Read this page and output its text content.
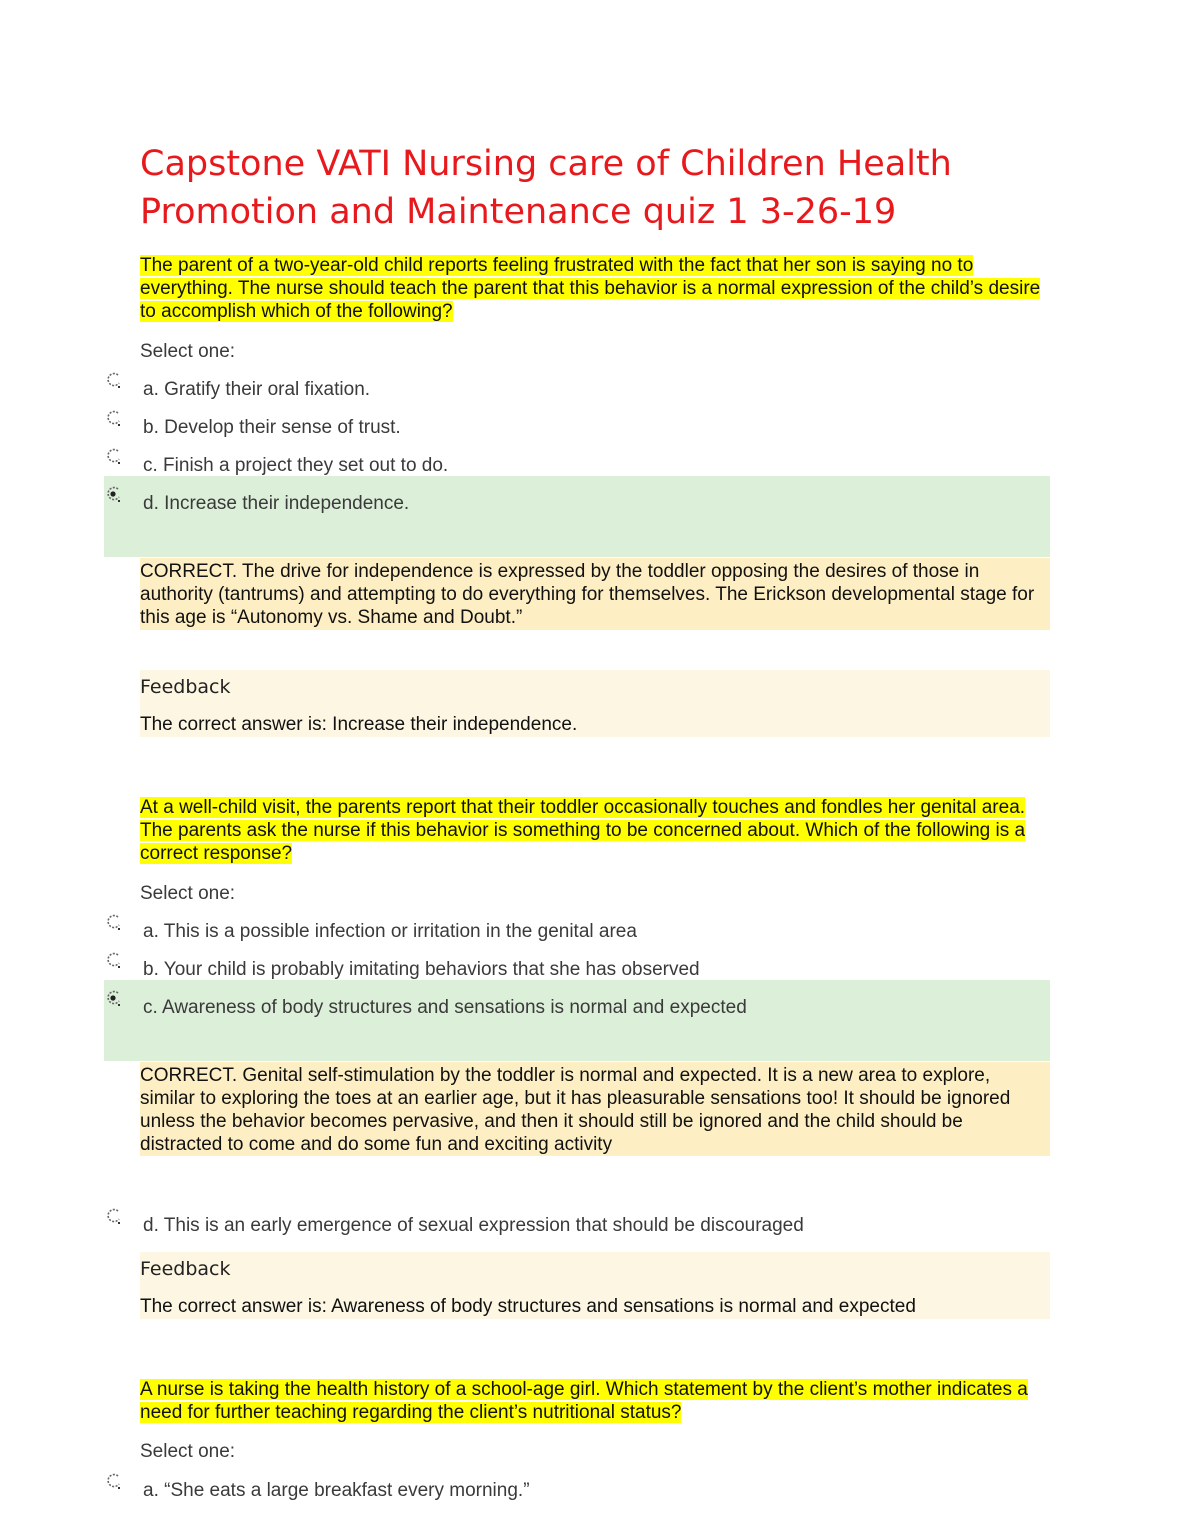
Capstone VATI Nursing care of Children Health Promotion and Maintenance quiz 1 3-26-19
The parent of a two-year-old child reports feeling frustrated with the fact that her son is saying no to everything. The nurse should teach the parent that this behavior is a normal expression of the child’s desire to accomplish which of the following?
Select one:
a. Gratify their oral fixation.
b. Develop their sense of trust.
c. Finish a project they set out to do.
d. Increase their independence.
CORRECT. The drive for independence is expressed by the toddler opposing the desires of those in authority (tantrums) and attempting to do everything for themselves. The Erickson developmental stage for this age is “Autonomy vs. Shame and Doubt.”
Feedback
The correct answer is: Increase their independence.
At a well-child visit, the parents report that their toddler occasionally touches and fondles her genital area. The parents ask the nurse if this behavior is something to be concerned about. Which of the following is a correct response?
Select one:
a. This is a possible infection or irritation in the genital area
b. Your child is probably imitating behaviors that she has observed
c. Awareness of body structures and sensations is normal and expected
CORRECT. Genital self-stimulation by the toddler is normal and expected. It is a new area to explore, similar to exploring the toes at an earlier age, but it has pleasurable sensations too! It should be ignored unless the behavior becomes pervasive, and then it should still be ignored and the child should be distracted to come and do some fun and exciting activity
d. This is an early emergence of sexual expression that should be discouraged
Feedback
The correct answer is: Awareness of body structures and sensations is normal and expected
A nurse is taking the health history of a school-age girl. Which statement by the client’s mother indicates a need for further teaching regarding the client’s nutritional status?
Select one:
a. “She eats a large breakfast every morning.”
